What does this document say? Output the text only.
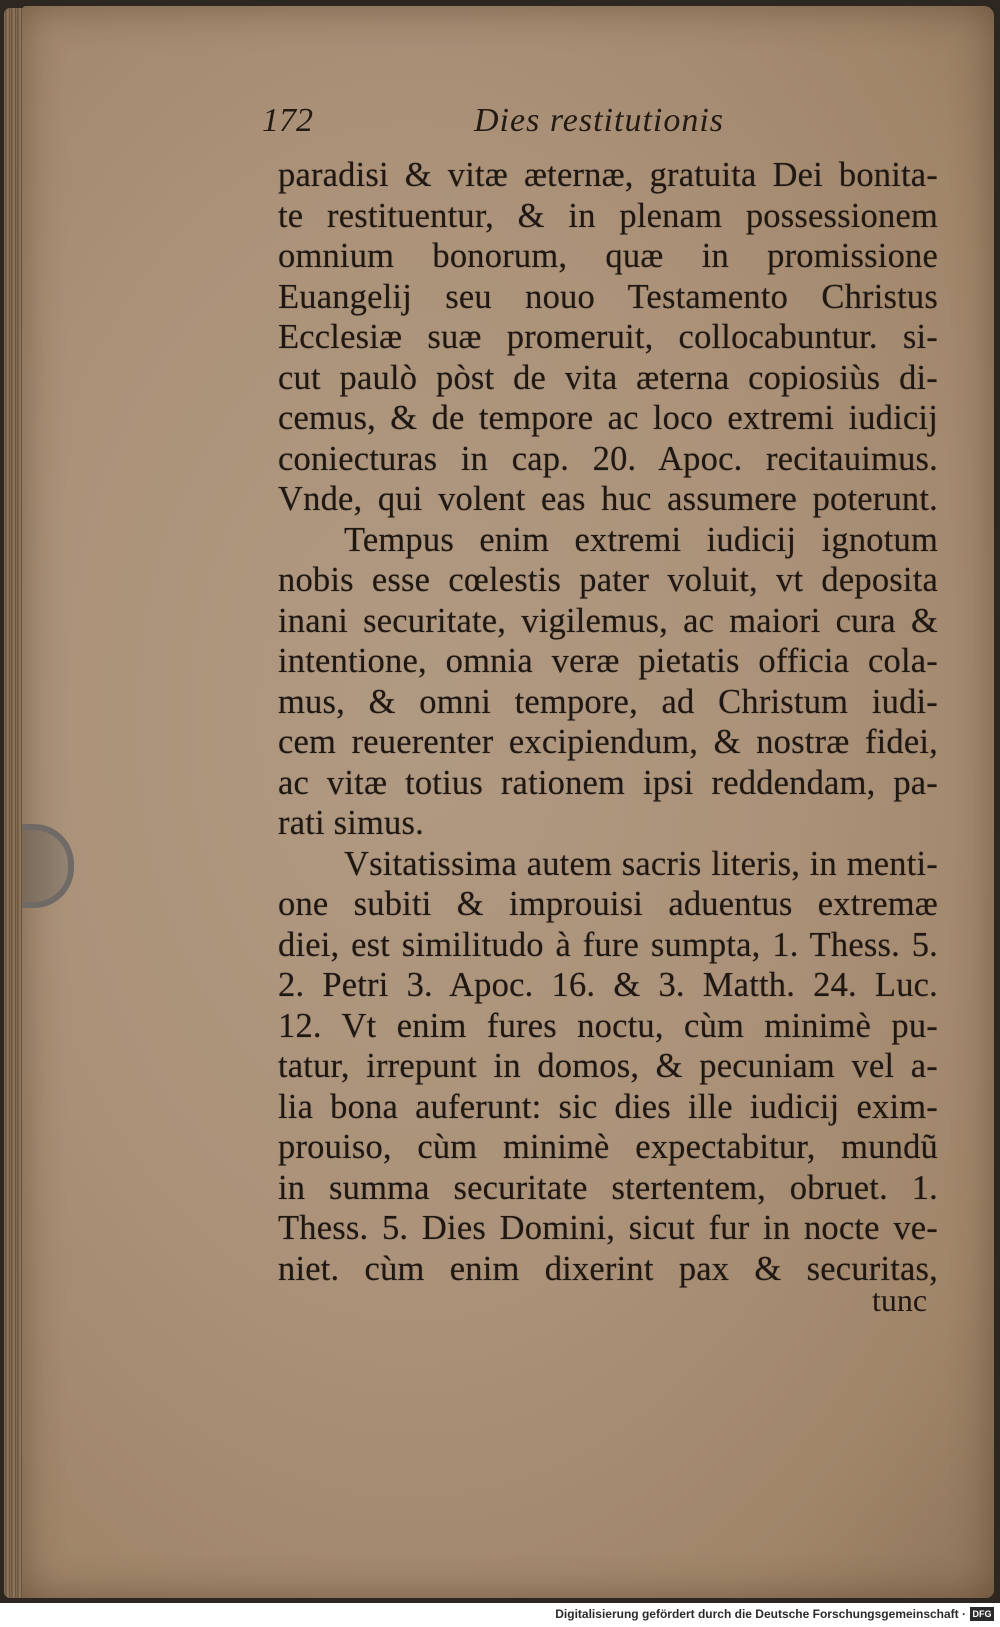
172	Dies restitutionis
paradisi & vitæ æternæ, gratuita Dei bonita-
te restituentur, & in plenam possessionem
omnium bonorum, quæ in promissione
Euangelij seu nouo Testamento Christus
Ecclesiæ suæ promeruit, collocabuntur. si-
cut paulò pòst de vita æterna copiosiùs di-
cemus, & de tempore ac loco extremi iudicij
coniecturas in cap. 20. Apoc. recitauimus.
Vnde, qui volent eas huc assumere poterunt.
Tempus enim extremi iudicij ignotum
nobis esse cœlestis pater voluit, vt deposita
inani securitate, vigilemus, ac maiori cura &
intentione, omnia veræ pietatis officia cola-
mus, & omni tempore, ad Christum iudi-
cem reuerenter excipiendum, & nostræ fidei,
ac vitæ totius rationem ipsi reddendam, pa-
rati simus.
Vsitatissima autem sacris literis, in menti-
one subiti & improuisi aduentus extremæ
diei, est similitudo à fure sumpta, 1. Thess. 5.
2. Petri 3. Apoc. 16. & 3. Matth. 24. Luc.
12. Vt enim fures noctu, cùm minimè pu-
tatur, irrepunt in domos, & pecuniam vel a-
lia bona auferunt: sic dies ille iudicij exim-
prouiso, cùm minimè expectabitur, mundũ
in summa securitate stertentem, obruet. 1.
Thess. 5. Dies Domini, sicut fur in nocte ve-
niet. cùm enim dixerint pax & securitas,
tunc
Digitalisierung gefördert durch die Deutsche Forschungsgemeinschaft · DFG
